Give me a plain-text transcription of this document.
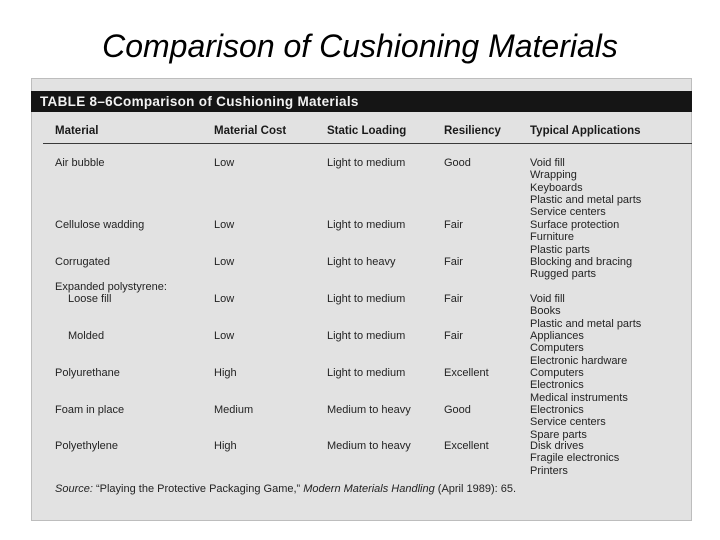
Comparison of Cushioning Materials
TABLE 8–6Comparison of Cushioning Materials
Material	Material Cost	Static Loading	Resiliency	Typical Applications
Air bubble	Low	Light to medium	Good	Void fill
Wrapping
Keyboards
Plastic and metal parts
Service centers
Cellulose wadding	Low	Light to medium	Fair	Surface protection
Furniture
Plastic parts
Corrugated	Low	Light to heavy	Fair	Blocking and bracing
Rugged parts
Expanded polystyrene:
Loose fill	Low	Light to medium	Fair	Void fill
Books
Plastic and metal parts
Molded	Low	Light to medium	Fair	Appliances
Computers
Electronic hardware
Polyurethane	High	Light to medium	Excellent	Computers
Electronics
Medical instruments
Foam in place	Medium	Medium to heavy	Good	Electronics
Service centers
Spare parts
Polyethylene	High	Medium to heavy	Excellent	Disk drives
Fragile electronics
Printers
Source: “Playing the Protective Packaging Game,” Modern Materials Handling (April 1989): 65.
